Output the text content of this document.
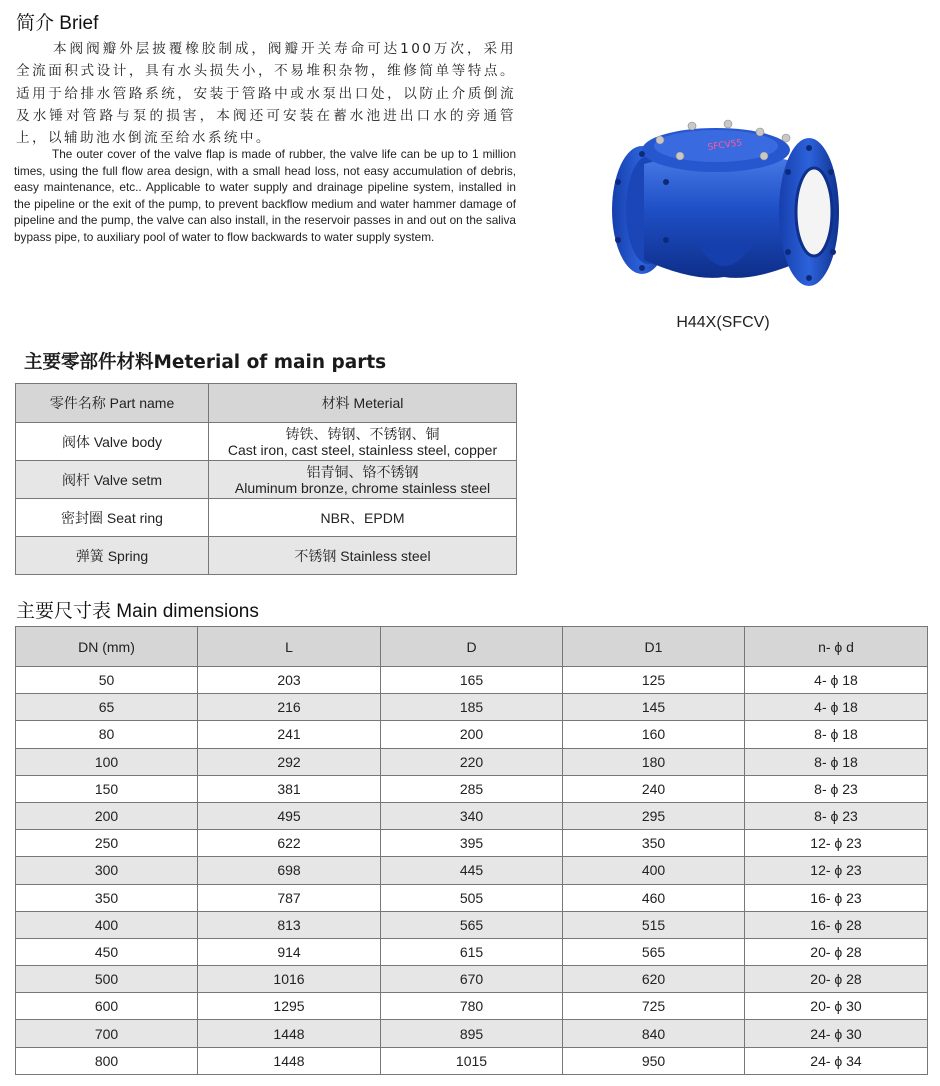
简介 Brief
本阀阀瓣外层披覆橡胶制成，阀瓣开关寿命可达100万次，采用全流面积式设计，具有水头损失小，不易堆积杂物，维修简单等特点。适用于给排水管路系统，安装于管路中或水泵出口处，以防止介质倒流及水锤对管路与泵的损害，本阀还可安装在蓄水池进出口水的旁通管上，以辅助池水倒流至给水系统中。
The outer cover of the valve flap is made of rubber, the valve life can be up to 1 million times, using the full flow area design, with a small head loss, not easy accumulation of debris, easy maintenance, etc.. Applicable to water supply and drainage pipeline system, installed in the pipeline or the exit of the pump, to prevent backflow medium and water hammer damage of pipeline and the pump, the valve can also install, in the reservoir passes in and out on the saliva bypass pipe, to auxiliary pool of water to flow backwards to water supply system.
SFCV55
H44X(SFCV)
主要零部件材料Meterial of main parts
零件名称 Part name	材料 Meterial
阀体 Valve body	铸铁、铸钢、不锈钢、铜
Cast iron, cast steel, stainless steel, copper

阀杆 Valve setm	铝青铜、铬不锈钢
Aluminum bronze, chrome stainless steel

密封圈 Seat ring	NBR、EPDM
弹簧 Spring	不锈钢 Stainless steel
主要尺寸表 Main dimensions
DN (mm)	L	D	D1	n- ϕ d
50	203	165	125	4- ϕ 18
65	216	185	145	4- ϕ 18
80	241	200	160	8- ϕ 18
100	292	220	180	8- ϕ 18
150	381	285	240	8- ϕ 23
200	495	340	295	8- ϕ 23
250	622	395	350	12- ϕ 23
300	698	445	400	12- ϕ 23
350	787	505	460	16- ϕ 23
400	813	565	515	16- ϕ 28
450	914	615	565	20- ϕ 28
500	1016	670	620	20- ϕ 28
600	1295	780	725	20- ϕ 30
700	1448	895	840	24- ϕ 30
800	1448	1015	950	24- ϕ 34
